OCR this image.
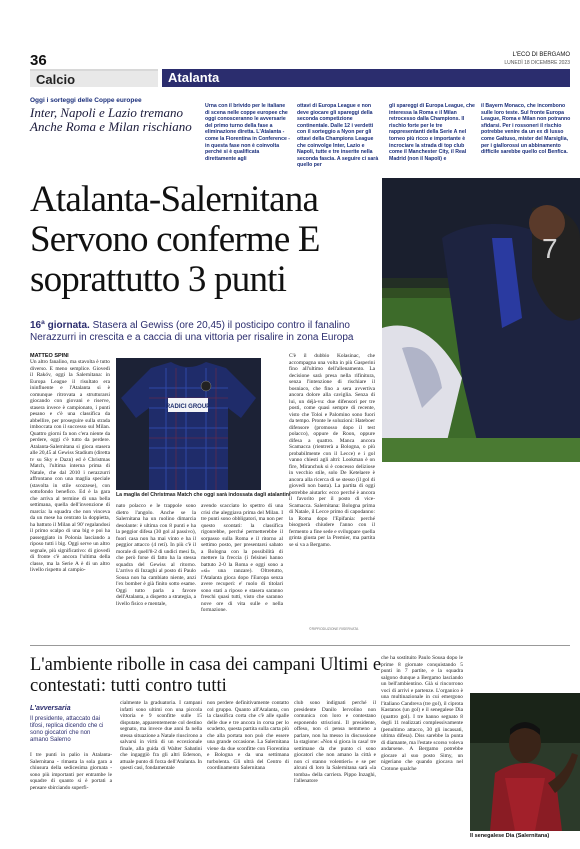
36	L'ECO DI BERGAMO
LUNEDÌ 18 DICEMBRE 2023
Calcio	Atalanta
Oggi i sorteggi delle Coppe europee
Inter, Napoli e Lazio tremano Anche Roma e Milan rischiano
Urna con il brivido per le italiane di scena nelle coppe europee che oggi conosceranno le avversarie del primo turno della fase a eliminazione diretta. L'Atalanta - come la Fiorentina in Conference - in questa fase non è coinvolta perché si è qualificata direttamente agli
ottavi di Europa League e non deve giocare gli spareggi della seconda competizione continentale. Dalle 12 i verdetti con il sorteggio a Nyon per gli ottavi della Champions League che coinvolge Inter, Lazio e Napoli, tutte e tre inserite nella seconda fascia. A seguire ci sarà quello per
gli spareggi di Europa League, che interessa la Roma e il Milan retrocesso dalla Champions. Il rischio forte per le tre rappresentanti della Serie A nel torneo più ricco e importante è incrociare la strada di top club come il Manchester City, il Real Madrid (non il Napoli) e
il Bayern Monaco, che incombono sulle loro teste. Sul fronte Europa League, Roma e Milan non potranno sfidarsi. Per i rossoneri il rischio potrebbe venire da un ex di lusso come Galtuso, mister del Marsiglia, per i giallorossi un abbinamento difficile sarebbe quello col Benfica.
7
Atalanta-Salernitana Servono conferme E soprattutto 3 punti
16ª giornata. Stasera al Gewiss (ore 20,45) il posticipo contro il fanalino Nerazzurri in crescita e a caccia di una vittoria per risalire in zona Europa
MATTEO SPINI
Un altro fanalino, ma stavolta è tutto diverso. E meno semplice. Giovedì il Rakóv, oggi la Salernitana: in Europa League il risultato era ininfluente e l'Atalanta si è comunque ritrovata a strutturarsi giocando con giovani e riserve, stasera invece è campionato, i punti pesano e c'è una classifica da abbellire, per proseguire sulla strada imboccata con il successo sul Milan. Quattro giorni fa non c'era niente da perdere, oggi c'è tutto da perdere. Atalanta-Salernitana si gioca stasera alle 20,45 al Gewiss Stadium (diretta tv su Sky e Dazn) ed è Christmas Match, l'ultima interna prima di Natale, che dal 2010 i nerazzurri affrontano con una maglia speciale (stavolta in stile scozzese), con sottofondo benefico. Ed è la gara che arriva al termine di una bella settimana, quella dell'invenzione di marcia: la squadra che non vinceva da un mese ha centrato la doppietta, ha battuto il Milan al 90' regalandosi il primo scalpo di una big e poi ha passeggiato in Polonia lasciando a riposo tutti i big. Oggi serve un altro segnale, più significativo: di giovedì di fronte c'è ancora l'ultima della classe, ma la Serie A è di un altro livello rispetto al campio-
RADICI GROUP
La maglia del Christmas Match che oggi sarà indossata dagli atalantini
nato polacco e le trappole sono dietro l'angolo. Anche se la Salernitana ha un ruolino dimarcia desolante: è ultima con 8 punti e ha la peggior difesa (30 gol al passivo), fuori casa non ha mai vinto e ha il peggior attacco (4 reti). In più c'è il morale di quell'8-2 di undici mesi fa, che però forse di fatto ha la stessa squadra del Gewiss al ritorno. L'arrivo di Inzaghi al posto di Paulo Sousa non ha cambiato niente, anzi l'ex bomber è già finito sotto esame. Oggi tutto parla a favore dell'Atalanta, a dispetto a strategia, a livello fisico e mentale,
avendo scacciato lo spettro di una crisi che aleggiava prima del Milan. I tre punti sono obbligatori, ma non per questo scontati: la classifica rigonrebbe, perché permetterebbe il sorpasso sulla Roma e il ritorno al settimo posto, per presentarsi sabato a Bologna con la possibilità di mettere la freccia (i felsinei hanno battuto 2-0 la Roma e oggi sono a «sì» una ranzare). Oltretutto, l'Atalanta gioca dopo l'Europa senza avere recuperi: e' ruolo di titolari sono stati a riposo e stasera saranno freschi quasi tutti, visto che saranno nove ore di vita sulle e nella formazione.
C'è il dubbio Kolasinac, che accompagna una volta in più Gasperini fino all'ultimo dell'allenamento. La decisione sarà presa nella rifinitura, senza l'intenzione di rischiare il bosniaco, che fino a sera avvertiva ancora dolore alla caviglia. Senza di lui, un déjà-vu: due difensori per tre posti, come quasi sempre di recente, visto che Toloi e Palomino sono fuori da tempo. Pronte le soluzioni: Hateboer difensore (promosso dopo il test polacco), oppure de Roon, oppure difesa a quattro. Manca ancora Scamacca (rientrerà a Bologna, o più probabilmente con il Lecce) e i gol vanno chiesti agli altri: Lookman è on fire, Miranchuk si è concesso deliziose in vecchio stile, solo De Ketelaere è ancora alla ricerca di se stesso (il gol di giovedì non basta). La partita di oggi potrebbe aiutarlo: ecco perché è ancora il favorito per il posto di vice-Scamacca. Salernitana: Bologna prima di Natale, il Lecce primo di capodanno: la Roma dopo l'Epifania: perché bisognerà chiudere l'anno con il fermento a fine sede e sviluppare quella grinta giusta per la Premier, ma partita se si va a Bergamo.
©RIPRODUZIONE RISERVATA
L'ambiente ribolle in casa dei campani Ultimi e contestati: tutti contro tutti
L'avversaria
Il presidente, attaccato dai tifosi, replica dicendo che ci sono giocatori che non amano Salerno
I tre punti in palio in Atalanta-Salernitana - rimasta la sola gara a chiusura della sedicesima giornata - sono più importanti per entrambe le squadre di quanto si è portati a pensare sbirciando superfi-
cialmente la graduatoria. I campani infatti sono ultimi con una piccola vittoria e 9 sconfitte sulle 15 disputate, apparentemente col destino segnato, ma invece due anni fa nella stessa situazione a Natale riuscirono a salvarsi in virtù di un eccezionale finale, alla guida di Walter Sabatini che ingaggiò fra gli altri Ederson, attuale punto di forza dell'Atalanta. In questi casi, fondamentale
non perdere definitivamente contatto col gruppo. Quanto all'Atalanta, con la classifica corta che c'è alle spalle delle due e tre ancora in corsa per lo scudetto, questa partita sulla carta più che alla portata non può che essere una grande occasione. La Salernitana viene da due sconfitte con Fiorentina e Bologna e da una settimana turbolenta. Gli ultrà del Centro di coordinamento Salernitana
club sono indignati perché il presidente Danilo Iervolino non comunica con loro e contestano esponendo striscioni. Il presidente, offeso, non ci pensa nemmeno a parlare, non ha messo in discussione la stagione: «Non si gioca in casa! tre settimane da che punto ci sono giocatori che non amano la città e non ci stanno volentieri» e se per alcuni di loro la Salernitana sarà «la tomba» della carriera. Pippo Inzaghi, l'allenatore
che ha sostituito Paulo Sousa dopo le prime 8 giornate conquistando 5 punti in 7 partite, e la squadra salgono dunque a Bergamo lasciando un bell'ambientino. Già si rincorrono voci di arrivi e partenze. L'organico è una multinazionale in cui emergono l'italiano Candreva (tre gol), il ciprota Kastanos (un gol) e il senegalese Dia (quattro gol). I tre hanno segnato 8 degli 11 realizzati complessivamente (penultimo attacco, 30 gli incassati, ultima difesa). Diss sarebbe la punta di diamante, ma l'estate scorso voleva andarsene. A Bergamo potrebbe giocare al suo posto Simy, un nigeriano che quando giocava nel Crotone qualche
Il senegalese Dia (Salernitana)
